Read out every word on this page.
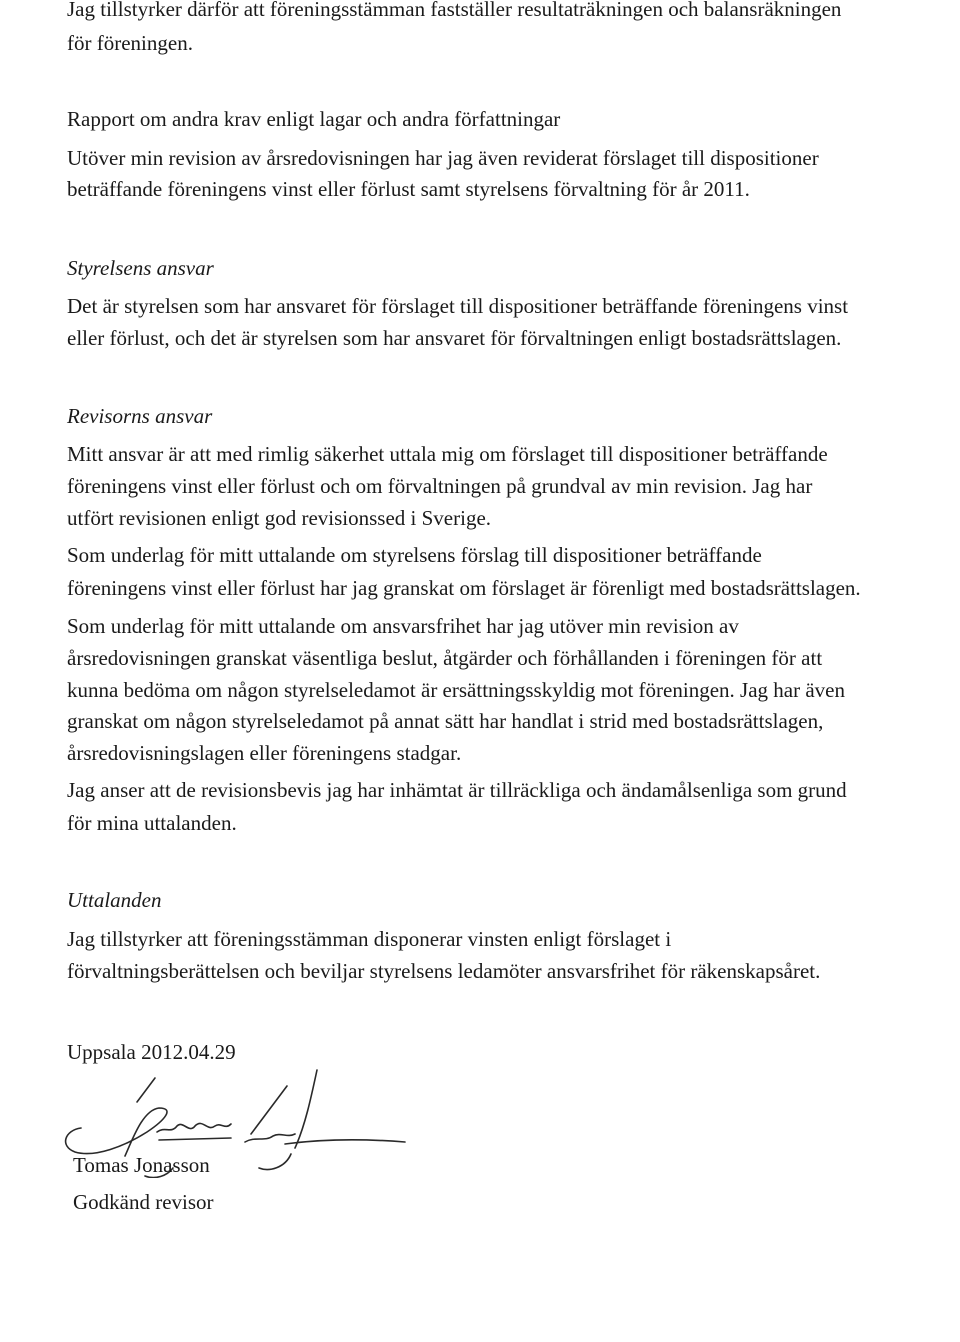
Jag tillstyrker därför att föreningsstämman fastställer resultaträkningen och balansräkningen

för föreningen.

Rapport om andra krav enligt lagar och andra författningar

Utöver min revision av årsredovisningen har jag även reviderat förslaget till dispositioner

beträffande föreningens vinst eller förlust samt styrelsens förvaltning för år 2011.

Styrelsens ansvar

Det är styrelsen som har ansvaret för förslaget till dispositioner beträffande föreningens vinst

eller förlust, och det är styrelsen som har ansvaret för förvaltningen enligt bostadsrättslagen.

Revisorns ansvar

Mitt ansvar är att med rimlig säkerhet uttala mig om förslaget till dispositioner beträffande

föreningens vinst eller förlust och om förvaltningen på grundval av min revision. Jag har

utfört revisionen enligt god revisionssed i Sverige.

Som underlag för mitt uttalande om styrelsens förslag till dispositioner beträffande

föreningens vinst eller förlust har jag granskat om förslaget är förenligt med bostadsrättslagen.

Som underlag för mitt uttalande om ansvarsfrihet har jag utöver min revision av

årsredovisningen granskat väsentliga beslut, åtgärder och förhållanden i föreningen för att

kunna bedöma om någon styrelseledamot är ersättningsskyldig mot föreningen. Jag har även

granskat om någon styrelseledamot på annat sätt har handlat i strid med bostadsrättslagen,

årsredovisningslagen eller föreningens stadgar.

Jag anser att de revisionsbevis jag har inhämtat är tillräckliga och ändamålsenliga som grund

för mina uttalanden.

Uttalanden

Jag tillstyrker att föreningsstämman disponerar vinsten enligt förslaget i

förvaltningsberättelsen och beviljar styrelsens ledamöter ansvarsfrihet för räkenskapsåret.

Uppsala 2012.04.29

Tomas Jonasson

Godkänd revisor
